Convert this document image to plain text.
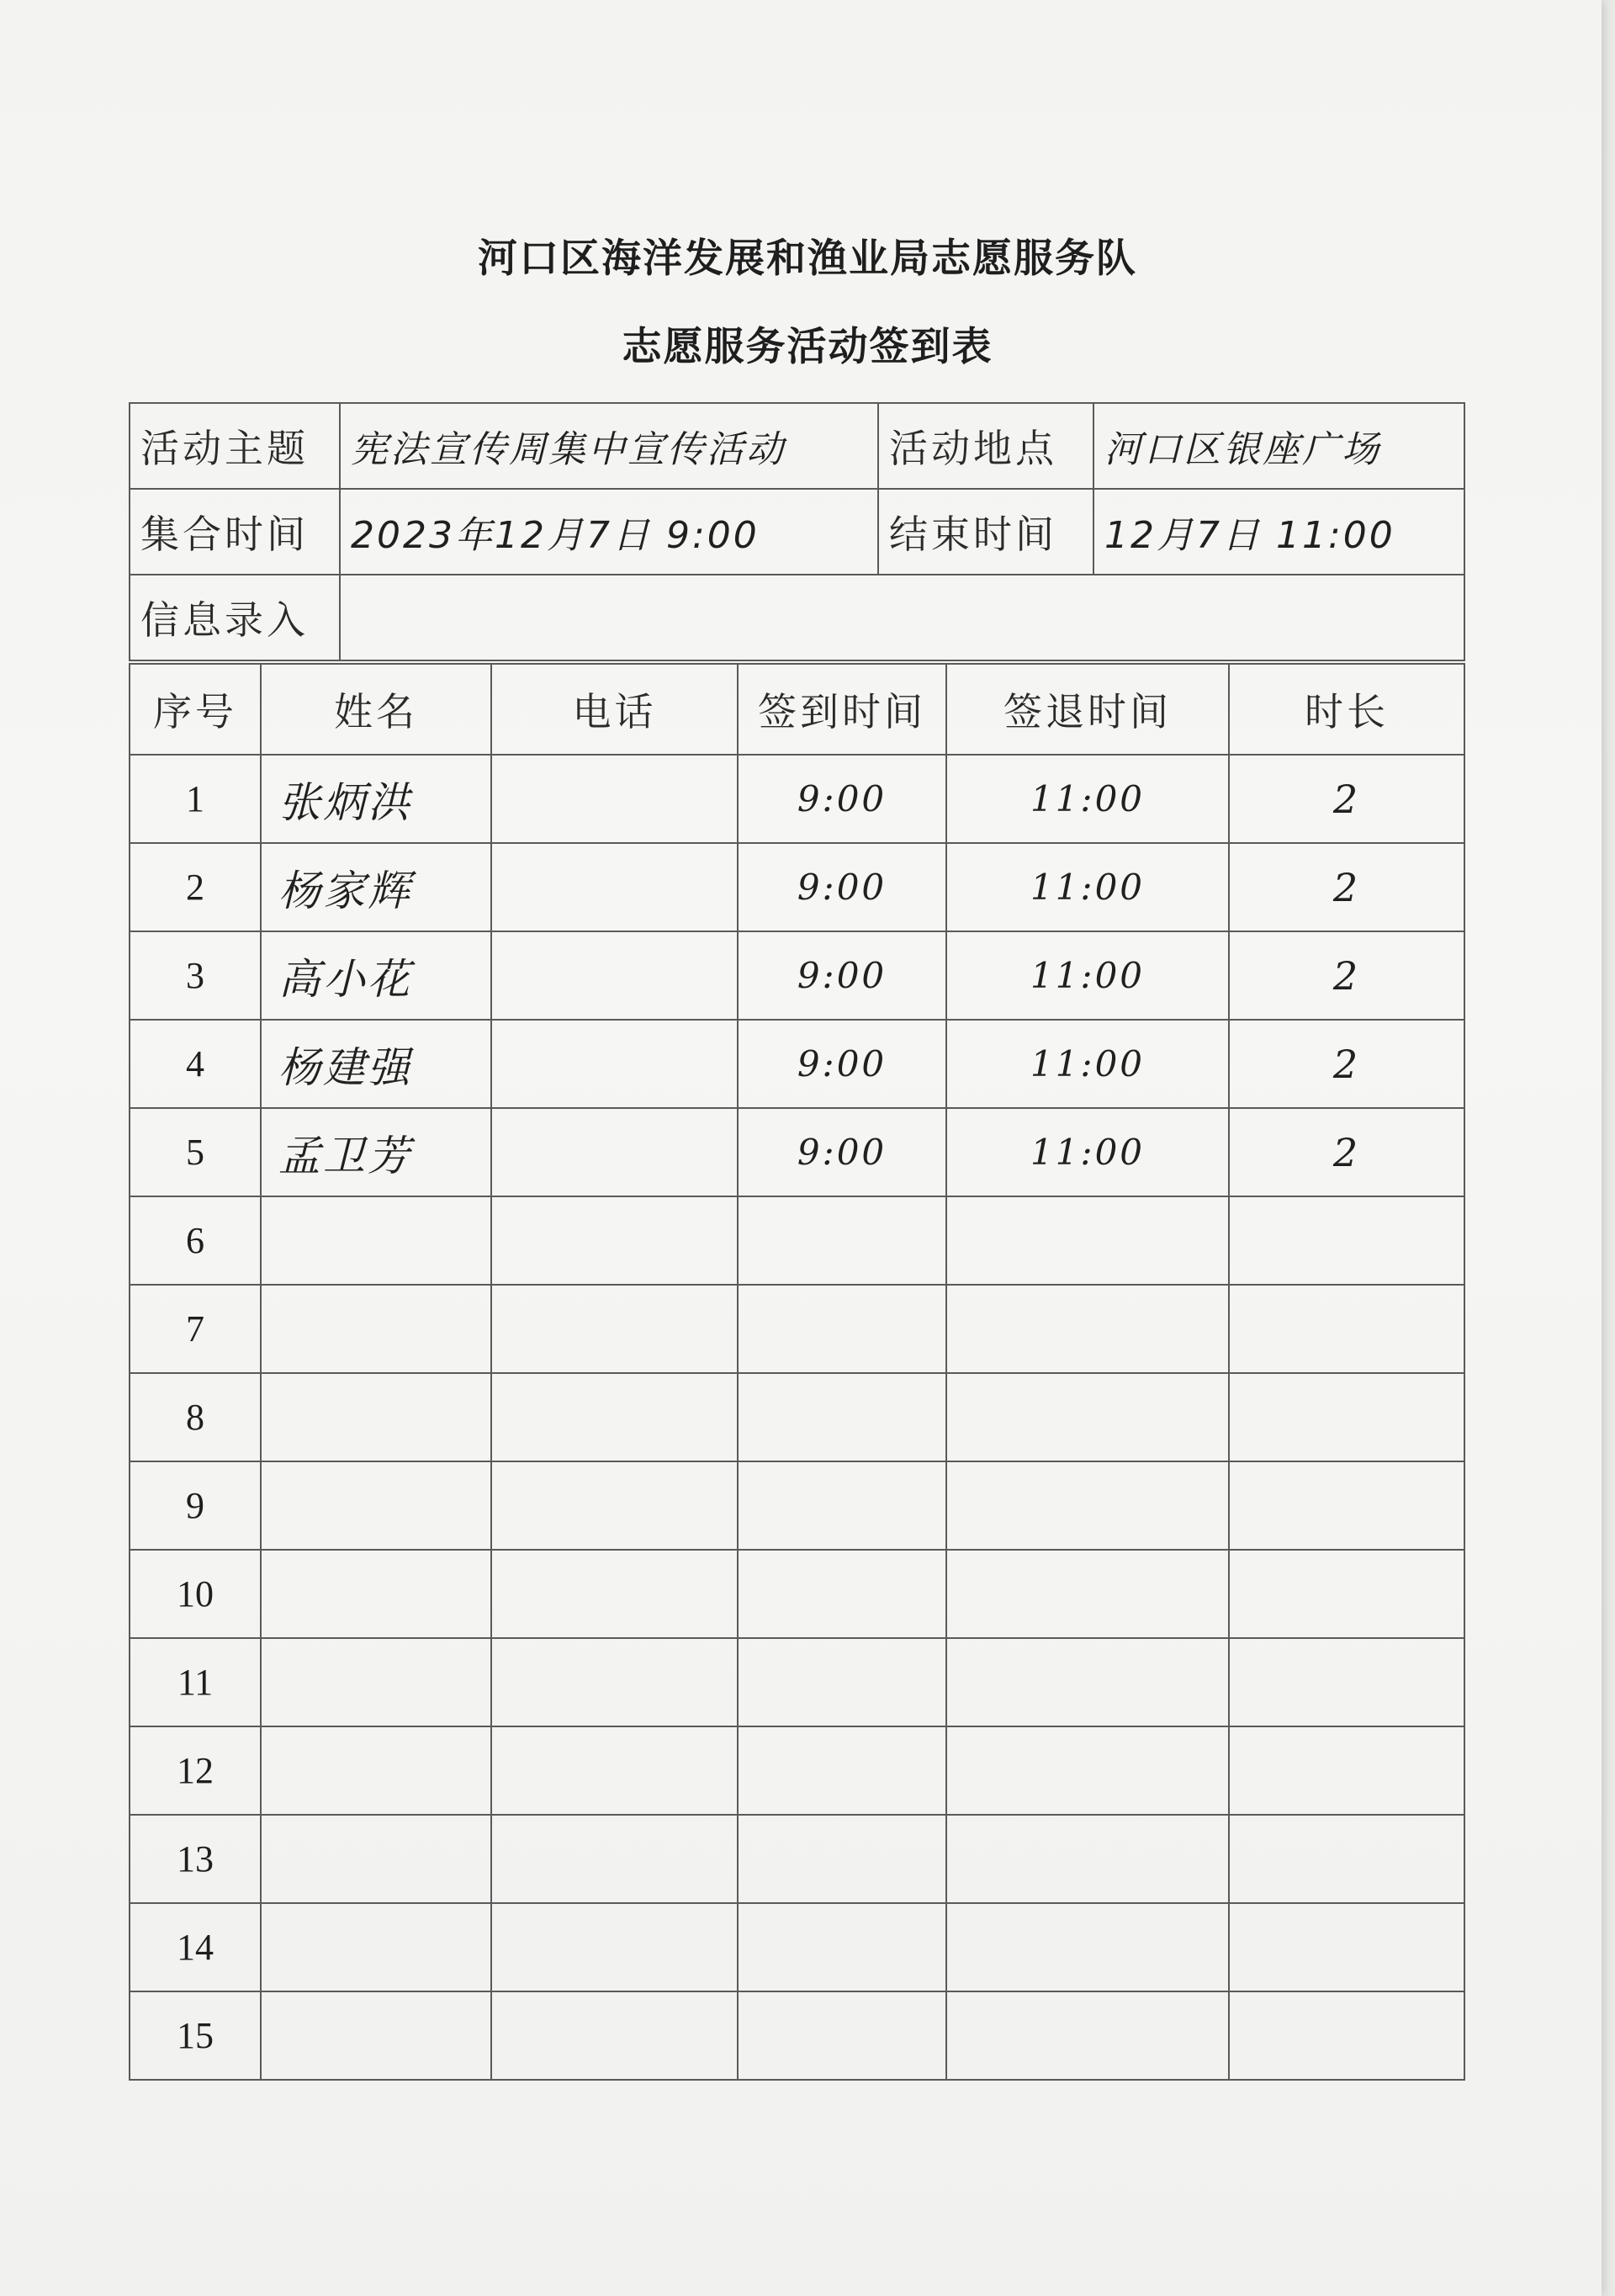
河口区海洋发展和渔业局志愿服务队
志愿服务活动签到表
活动主题	宪法宣传周集中宣传活动	活动地点	河口区银座广场
集合时间	2023年12月7日 9:00	结束时间	12月7日 11:00
信息录入			
序号	姓名	电话	签到时间	签退时间	时长
1	张炳洪		9:00	11:00	2
2	杨家辉		9:00	11:00	2
3	高小花		9:00	11:00	2
4	杨建强		9:00	11:00	2
5	孟卫芳		9:00	11:00	2
6					
7					
8					
9					
10					
11					
12					
13					
14					
15					
